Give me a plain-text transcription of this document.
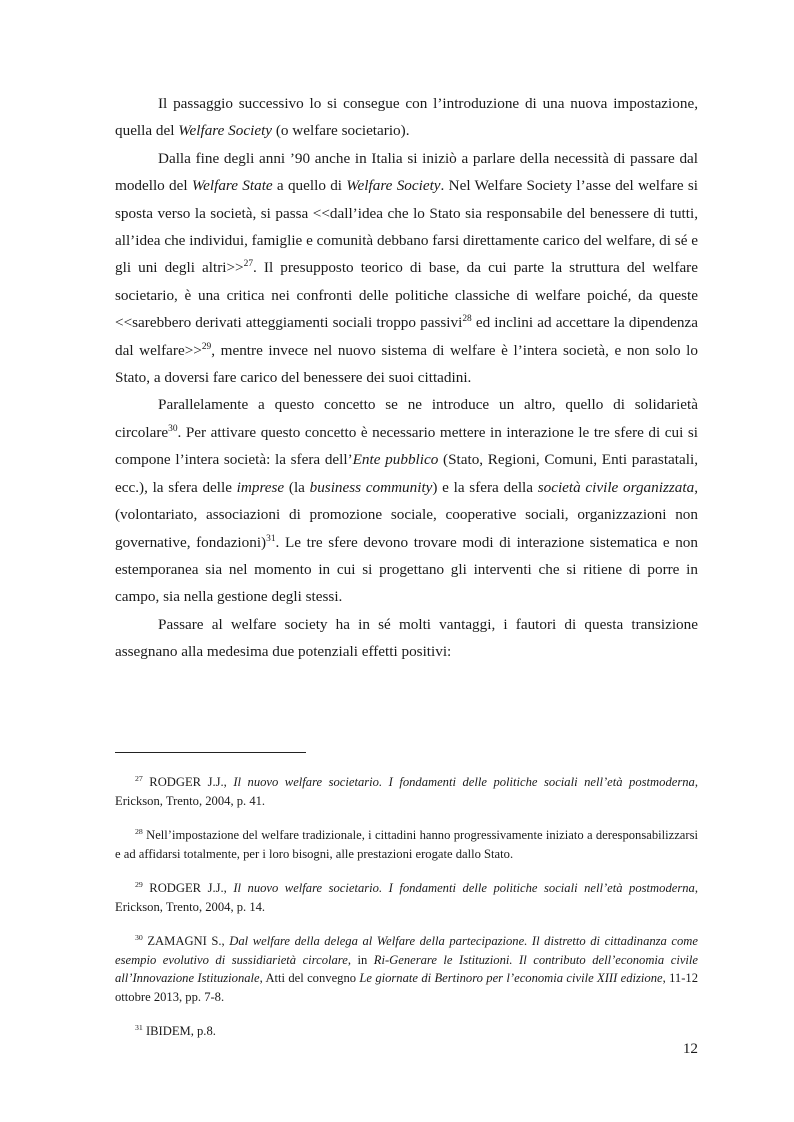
Il passaggio successivo lo si consegue con l’introduzione di una nuova impostazione, quella del Welfare Society (o welfare societario).

Dalla fine degli anni ’90 anche in Italia si iniziò a parlare della necessità di passare dal modello del Welfare State a quello di Welfare Society. Nel Welfare Society l’asse del welfare si sposta verso la società, si passa <<dall’idea che lo Stato sia responsabile del benessere di tutti, all’idea che individui, famiglie e comunità debbano farsi direttamente carico del welfare, di sé e gli uni degli altri>>$^{27}$. Il presupposto teorico di base, da cui parte la struttura del welfare societario, è una critica nei confronti delle politiche classiche di welfare poiché, da queste <<sarebbero derivati atteggiamenti sociali troppo passivi$^{28}$ ed inclini ad accettare la dipendenza dal welfare>>$^{29}$, mentre invece nel nuovo sistema di welfare è l’intera società, e non solo lo Stato, a doversi fare carico del benessere dei suoi cittadini.

Parallelamente a questo concetto se ne introduce un altro, quello di solidarietà circolare$^{30}$. Per attivare questo concetto è necessario mettere in interazione le tre sfere di cui si compone l’intera società: la sfera dell’Ente pubblico (Stato, Regioni, Comuni, Enti parastatali, ecc.), la sfera delle imprese (la business community) e la sfera della società civile organizzata, (volontariato, associazioni di promozione sociale, cooperative sociali, organizzazioni non governative, fondazioni)$^{31}$. Le tre sfere devono trovare modi di interazione sistematica e non estemporanea sia nel momento in cui si progettano gli interventi che si ritiene di porre in campo, sia nella gestione degli stessi.

Passare al welfare society ha in sé molti vantaggi, i fautori di questa transizione assegnano alla medesima due potenziali effetti positivi:

$^{27}$ RODGER J.J., Il nuovo welfare societario. I fondamenti delle politiche sociali nell’età postmoderna, Erickson, Trento, 2004, p. 41.

$^{28}$ Nell’impostazione del welfare tradizionale, i cittadini hanno progressivamente iniziato a deresponsabilizzarsi e ad affidarsi totalmente, per i loro bisogni, alle prestazioni erogate dallo Stato.

$^{29}$ RODGER J.J., Il nuovo welfare societario. I fondamenti delle politiche sociali nell’età postmoderna, Erickson, Trento, 2004, p. 14.

$^{30}$ ZAMAGNI S., Dal welfare della delega al Welfare della partecipazione. Il distretto di cittadinanza come esempio evolutivo di sussidiarietà circolare, in Ri-Generare le Istituzioni. Il contributo dell’economia civile all’Innovazione Istituzionale, Atti del convegno Le giornate di Bertinoro per l’economia civile XIII edizione, 11-12 ottobre 2013, pp. 7-8.

$^{31}$ IBIDEM, p.8.

12
